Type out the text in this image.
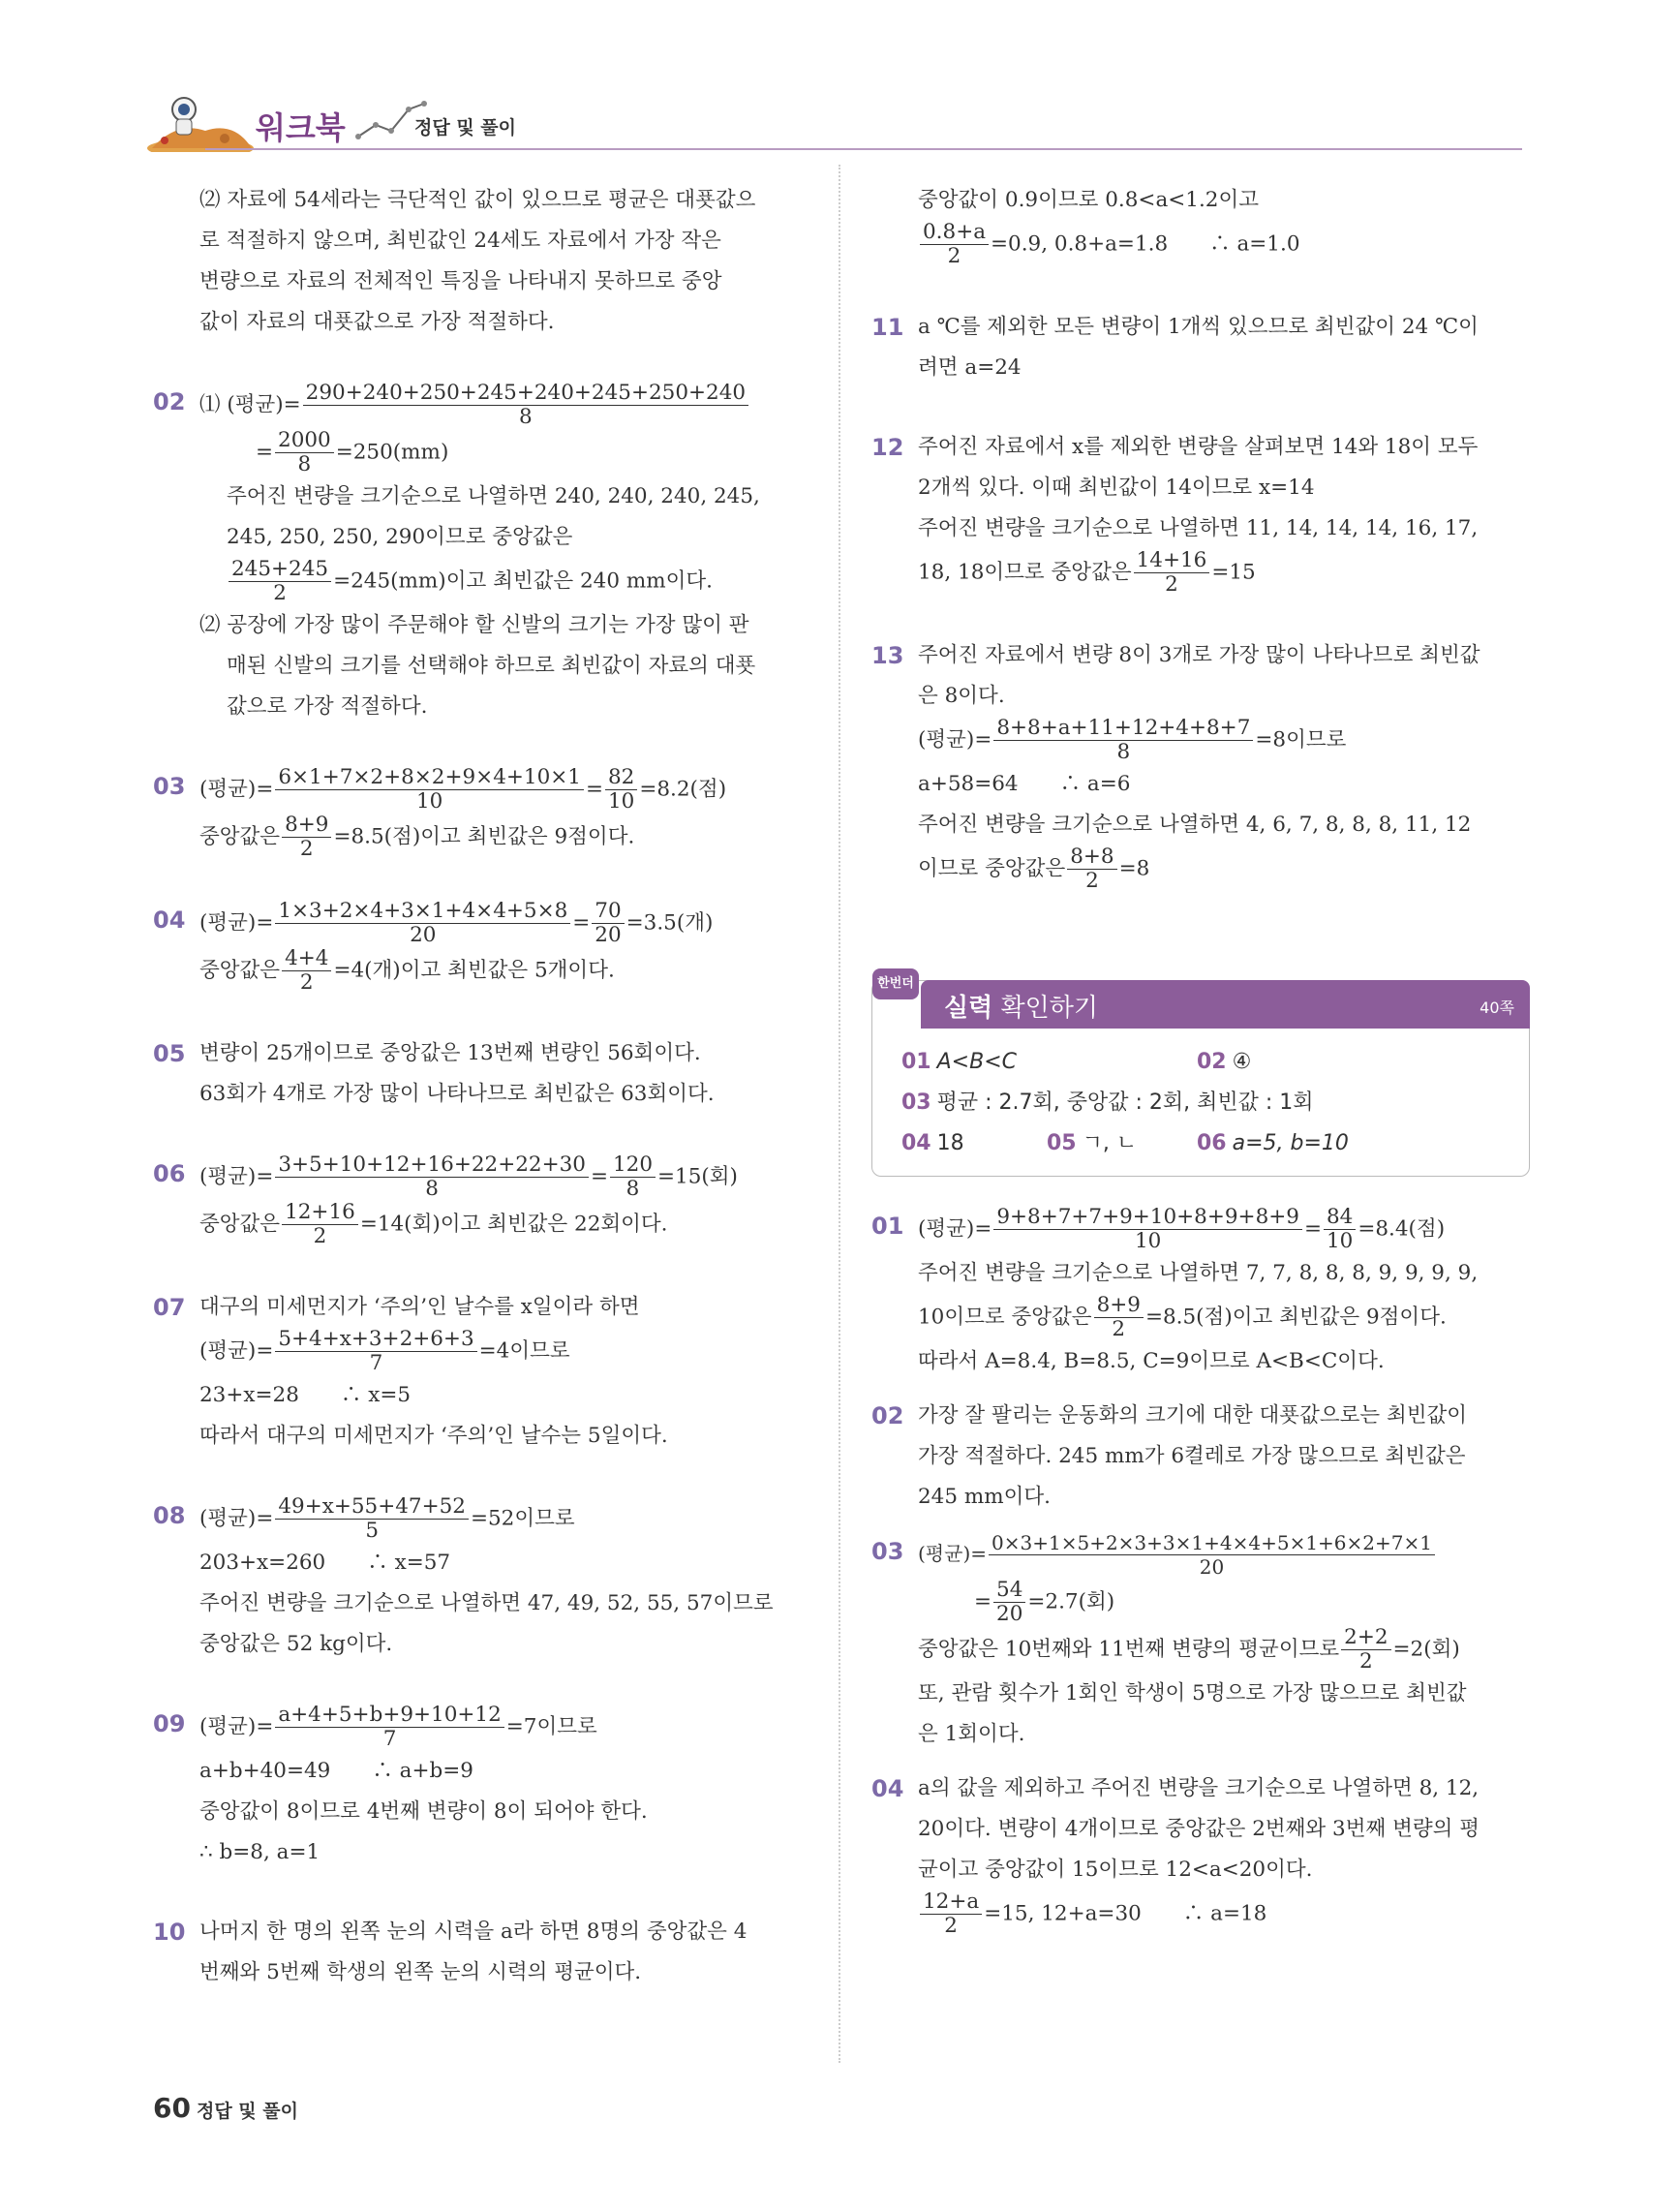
워크북	정답 및 풀이
⑵ 자료에 54세라는 극단적인 값이 있으므로 평균은 대푯값으
로 적절하지 않으며, 최빈값인 24세도 자료에서 가장 작은
변량으로 자료의 전체적인 특징을 나타내지 못하므로 중앙
값이 자료의 대푯값으로 가장 적절하다.
02 ⑴ (평균)= $\frac{290+240+250+245+240+245+250+240}{8}$
= $\frac{2000}{8} =250(mm)$
주어진 변량을 크기순으로 나열하면 240, 240, 240, 245,
245, 250, 250, 290이므로 중앙값은
$\frac{245+245}{2} =245(mm)$이고 최빈값은 240 mm이다.
⑵ 공장에 가장 많이 주문해야 할 신발의 크기는 가장 많이 판
매된 신발의 크기를 선택해야 하므로 최빈값이 자료의 대푯
값으로 가장 적절하다.
03 (평균)= $\frac{6\times 1+7\times 2+8\times 2+9\times 4+10\times 1}{10} = \frac{82}{10} =8.2$(점)
중앙값은 $\frac{8+9}{2} =8.5$(점)이고 최빈값은 9점이다.
04 (평균)= $\frac{1\times 3+2\times 4+3\times 1+4\times 4+5\times 8}{20} = \frac{70}{20} =3.5$(개)
중앙값은 $\frac{4+4}{2} =4$(개)이고 최빈값은 5개이다.
05 변량이 25개이므로 중앙값은 13번째 변량인 56회이다.
63회가 4개로 가장 많이 나타나므로 최빈값은 63회이다.
06 (평균)= $\frac{3+5+10+12+16+22+22+30}{8} = \frac{120}{8} =15$(회)
중앙값은 $\frac{12+16}{2} =14$(회)이고 최빈값은 22회이다.
07 대구의 미세먼지가 ‘주의’인 날수를 x일이라 하면
(평균)= $\frac{5+4+x+3+2+6+3}{7} =4$이므로
23+x=28　　∴ x=5
따라서 대구의 미세먼지가 ‘주의’인 날수는 5일이다.
08 (평균)= $\frac{49+x+55+47+52}{5} =52$이므로
203+x=260　　∴ x=57
주어진 변량을 크기순으로 나열하면 47, 49, 52, 55, 57이므로
중앙값은 52 kg이다.
09 (평균)= $\frac{a+4+5+b+9+10+12}{7} =7$이므로
a+b+40=49　　∴ a+b=9
중앙값이 8이므로 4번째 변량이 8이 되어야 한다.
∴ b=8, a=1
10 나머지 한 명의 왼쪽 눈의 시력을 a라 하면 8명의 중앙값은 4
번째와 5번째 학생의 왼쪽 눈의 시력의 평균이다.
중앙값이 0.9이므로 0.8<a<1.2이고
$\frac{0.8+a}{2} =0.9$, 0.8+a=1.8　　∴ a=1.0
11 a ℃를 제외한 모든 변량이 1개씩 있으므로 최빈값이 24 ℃이
려면 a=24
12 주어진 자료에서 x를 제외한 변량을 살펴보면 14와 18이 모두
2개씩 있다. 이때 최빈값이 14이므로 x=14
주어진 변량을 크기순으로 나열하면 11, 14, 14, 14, 16, 17,
18, 18이므로 중앙값은 $\frac{14+16}{2} =15$
13 주어진 자료에서 변량 8이 3개로 가장 많이 나타나므로 최빈값
은 8이다.
(평균)= $\frac{8+8+a+11+12+4+8+7}{8} =8$이므로
a+58=64　　∴ a=6
주어진 변량을 크기순으로 나열하면 4, 6, 7, 8, 8, 8, 11, 12
이므로 중앙값은 $\frac{8+8}{2} =8$
한번더
실력 확인하기	40쪽
01 A<B<C	02 ④
03 평균 : 2.7회, 중앙값 : 2회, 최빈값 : 1회
04 18	05 ㄱ, ㄴ	06 a=5, b=10
01 (평균)= $\frac{9+8+7+7+9+10+8+9+8+9}{10} = \frac{84}{10} =8.4$(점)
주어진 변량을 크기순으로 나열하면 7, 7, 8, 8, 8, 9, 9, 9, 9,
10이므로 중앙값은 $\frac{8+9}{2} =8.5$(점)이고 최빈값은 9점이다.
따라서 A=8.4, B=8.5, C=9이므로 A<B<C이다.
02 가장 잘 팔리는 운동화의 크기에 대한 대푯값으로는 최빈값이
가장 적절하다. 245 mm가 6켤레로 가장 많으므로 최빈값은
245 mm이다.
03 (평균)= $\frac{0\times 3+1\times 5+2\times 3+3\times 1+4\times 4+5\times 1+6\times 2+7\times 1}{20}$
= $\frac{54}{20} =2.7$(회)
중앙값은 10번째와 11번째 변량의 평균이므로 $\frac{2+2}{2} =2$(회)
또, 관람 횟수가 1회인 학생이 5명으로 가장 많으므로 최빈값
은 1회이다.
04 a의 값을 제외하고 주어진 변량을 크기순으로 나열하면 8, 12,
20이다. 변량이 4개이므로 중앙값은 2번째와 3번째 변량의 평
균이고 중앙값이 15이므로 12<a<20이다.
$\frac{12+a}{2} =15$, 12+a=30　　∴ a=18
60 정답 및 풀이
